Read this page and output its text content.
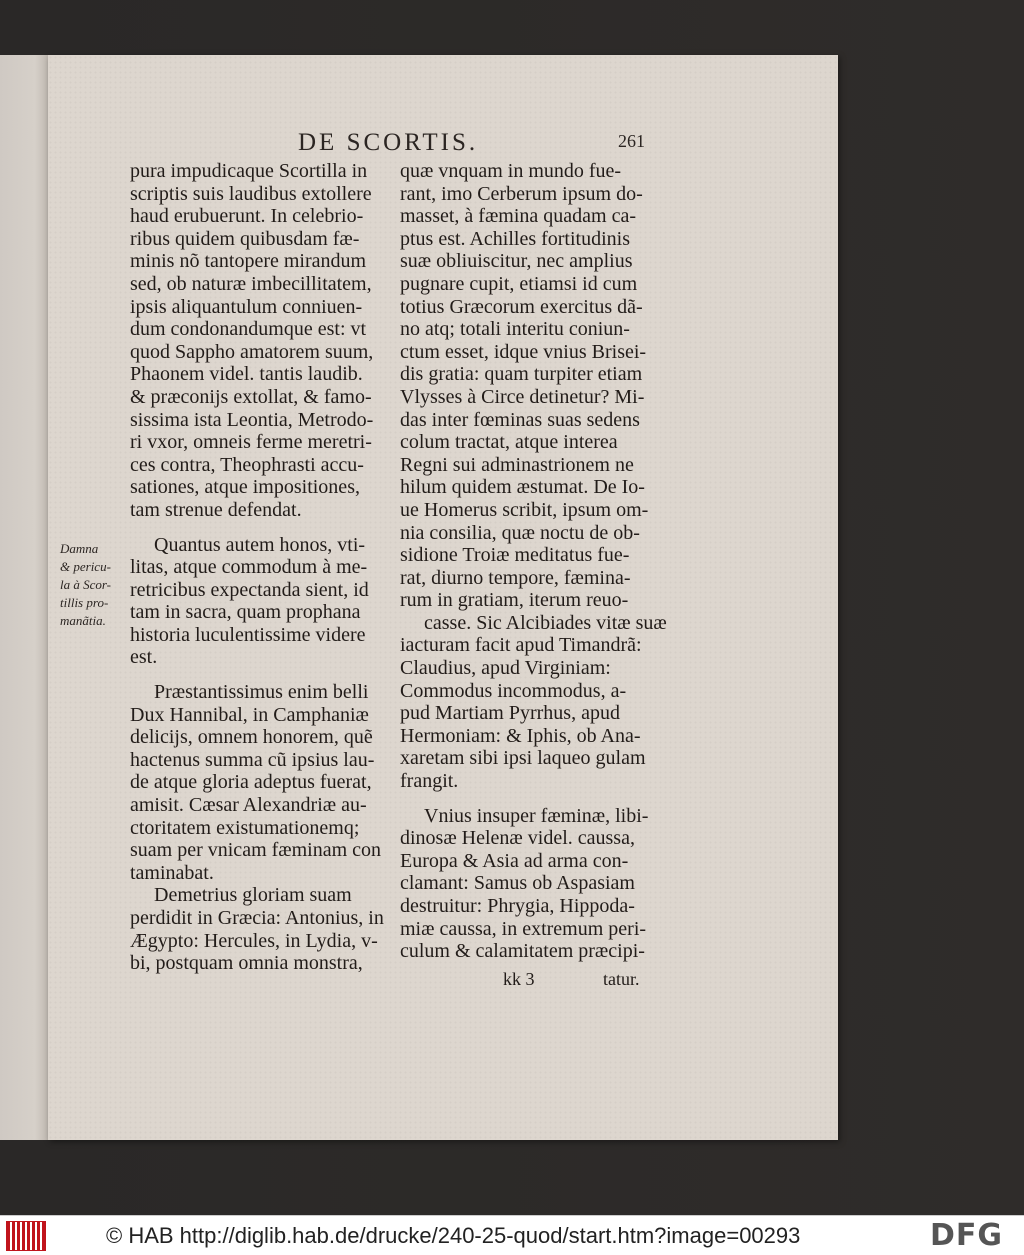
DE SCORTIS.	261
Damna
& pericu-
la à Scor-
tillis pro-
manãtia.
pura impudicaque Scortilla in
scriptis suis laudibus extollere
haud erubuerunt. In celebrio-
ribus quidem quibusdam fæ-
minis nõ tantopere mirandum
sed, ob naturæ imbecillitatem,
ipsis aliquantulum conniuen-
dum condonandumque est: vt
quod Sappho amatorem suum,
Phaonem videl. tantis laudib.
& præconijs extollat, & famo-
sissima ista Leontia, Metrodo-
ri vxor, omneis ferme meretri-
ces contra, Theophrasti accu-
sationes, atque impositiones,
tam strenue defendat.
Quantus autem honos, vti-
litas, atque commodum à me-
retricibus expectanda sient, id
tam in sacra, quam prophana
historia luculentissime videre
est.
Præstantissimus enim belli
Dux Hannibal, in Camphaniæ
delicijs, omnem honorem, quẽ
hactenus summa cũ ipsius lau-
de atque gloria adeptus fuerat,
amisit. Cæsar Alexandriæ au-
ctoritatem existumationemq;
suam per vnicam fæminam con
taminabat.
Demetrius gloriam suam
perdidit in Græcia: Antonius, in
Ægypto: Hercules, in Lydia, v-
bi, postquam omnia monstra,
quæ vnquam in mundo fue-
rant, imo Cerberum ipsum do-
masset, à fæmina quadam ca-
ptus est. Achilles fortitudinis
suæ obliuiscitur, nec amplius
pugnare cupit, etiamsi id cum
totius Græcorum exercitus dã-
no atq; totali interitu coniun-
ctum esset, idque vnius Brisei-
dis gratia: quam turpiter etiam
Vlysses à Circe detinetur? Mi-
das inter fœminas suas sedens
colum tractat, atque interea
Regni sui adminastrionem ne
hilum quidem æstumat. De Io-
ue Homerus scribit, ipsum om-
nia consilia, quæ noctu de ob-
sidione Troiæ meditatus fue-
rat, diurno tempore, fæmina-
rum in gratiam, iterum reuo-
casse. Sic Alcibiades vitæ suæ
iacturam facit apud Timandrã:
Claudius, apud Virginiam:
Commodus incommodus, a-
pud Martiam Pyrrhus, apud
Hermoniam: & Iphis, ob Ana-
xaretam sibi ipsi laqueo gulam
frangit.
Vnius insuper fæminæ, libi-
dinosæ Helenæ videl. caussa,
Europa & Asia ad arma con-
clamant: Samus ob Aspasiam
destruitur: Phrygia, Hippoda-
miæ caussa, in extremum peri-
culum & calamitatem præcipi-
kk 3	tatur.
© HAB http://diglib.hab.de/drucke/240-25-quod/start.htm?image=00293	DFG
